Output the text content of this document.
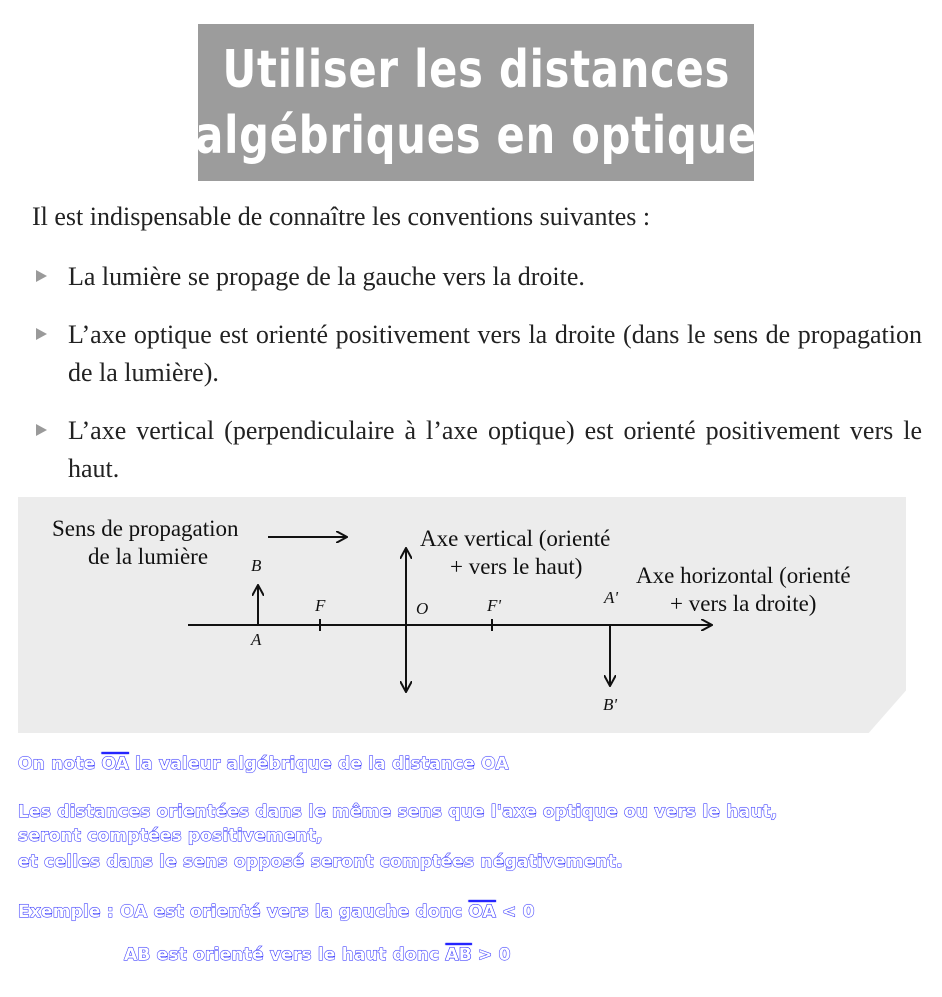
Utiliser les distances
algébriques en optique
Il est indispensable de connaître les conventions suivantes :
La lumière se propage de la gauche vers la droite.
L’axe optique est orienté positivement vers la droite (dans le sens de propagation de la lumière).
L’axe vertical (perpendiculaire à l’axe optique) est orienté positivement vers le haut.
Sens de propagation
de la lumière
Axe vertical (orienté
+ vers le haut) Axe horizontal (orienté
+ vers la droite)
B
A
F	O	F'	A'
B'
On note $\overline{OA}$ la valeur algébrique de la distance OA
Les distances orientées dans le même sens que l'axe optique ou vers le haut,
seront comptées positivement,
et celles dans le sens opposé seront comptées négativement.
Exemple : OA est orienté vers la gauche donc $\overline{OA} < 0$
AB est orienté vers le haut donc $\overline{AB} > 0$
